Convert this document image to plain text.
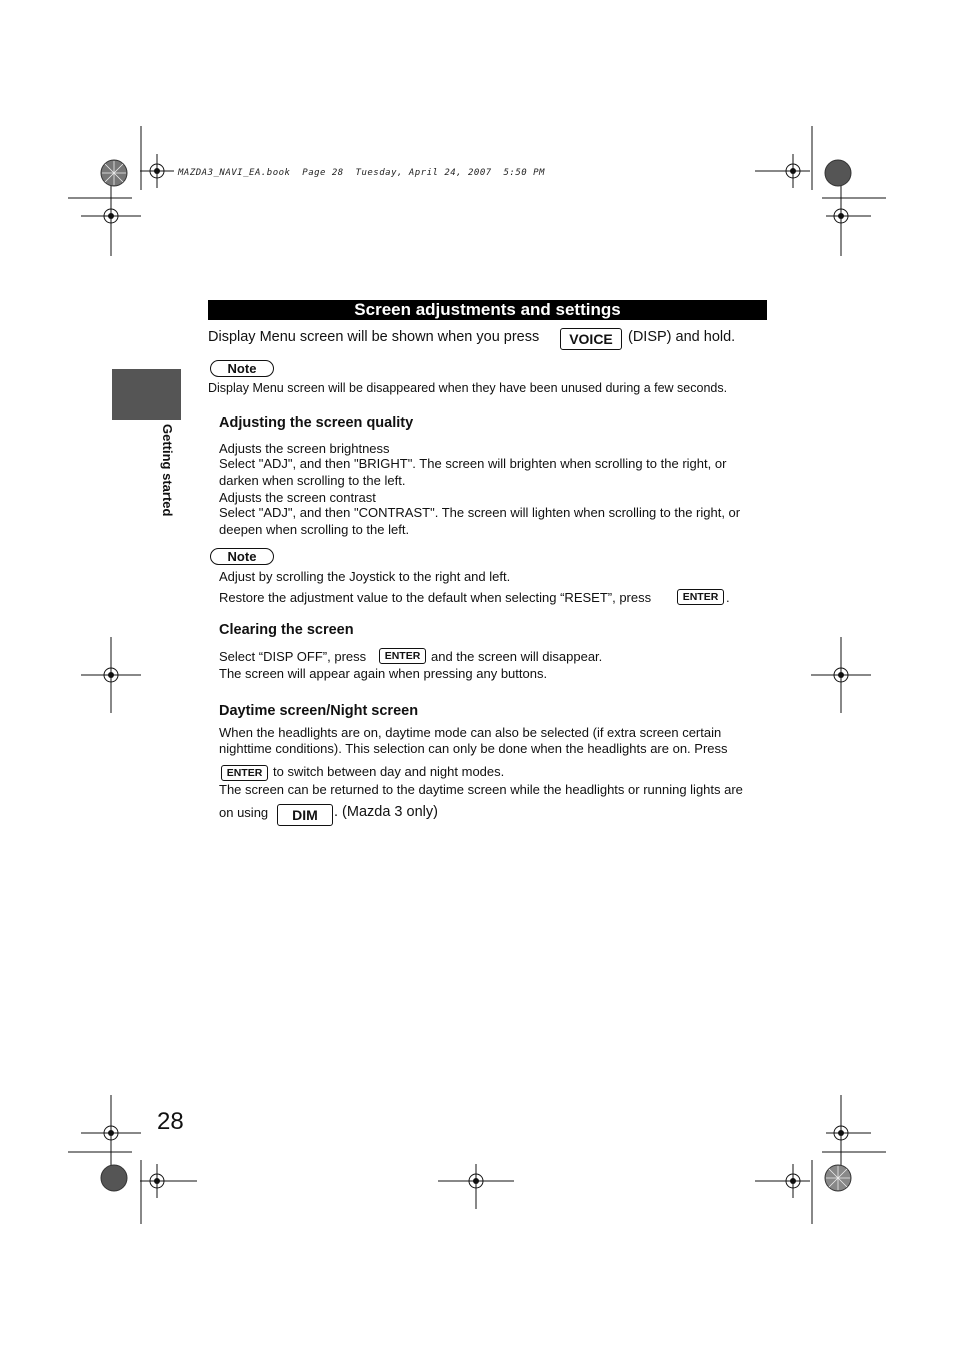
MAZDA3_NAVI_EA.book  Page 28  Tuesday, April 24, 2007  5:50 PM
Getting started
Screen adjustments and settings
Display Menu screen will be shown when you press	VOICE	(DISP) and hold.
Note
Display Menu screen will be disappeared when they have been unused during a few seconds.
Adjusting the screen quality
Adjusts the screen brightness
Select "ADJ", and then "BRIGHT". The screen will brighten when scrolling to the right, or
darken when scrolling to the left.
Adjusts the screen contrast
Select "ADJ", and then "CONTRAST". The screen will lighten when scrolling to the right, or
deepen when scrolling to the left.
Note
Adjust by scrolling the Joystick to the right and left.
Restore the adjustment value to the default when selecting “RESET”, press	ENTER .
Clearing the screen
Select “DISP OFF”, press	ENTER and the screen will disappear.
The screen will appear again when pressing any buttons.
Daytime screen/Night screen
When the headlights are on, daytime mode can also be selected (if extra screen certain
nighttime conditions). This selection can only be done when the headlights are on. Press
ENTER to switch between day and night modes.
The screen can be returned to the daytime screen while the headlights or running lights are
on using	DIM	. (Mazda 3 only)
28
